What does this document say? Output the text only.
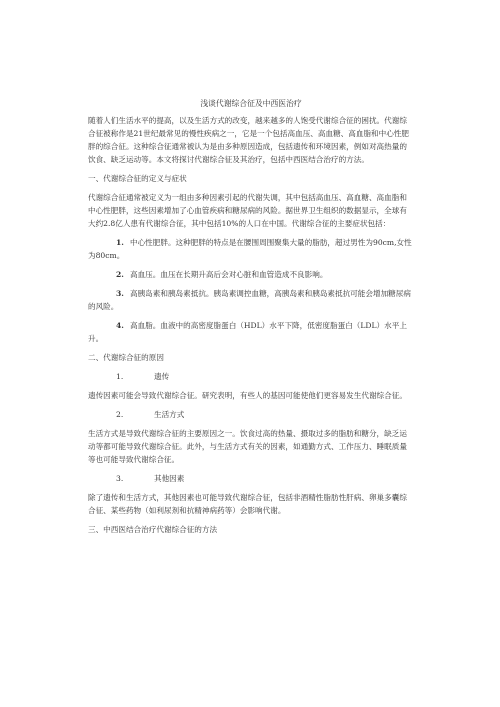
浅谈代谢综合征及中西医治疗

随着人们生活水平的提高，以及生活方式的改变，越来越多的人饱受代谢综合征的困扰。代谢综合征被称作是21世纪最常见的慢性疾病之一，它是一个包括高血压、高血糖、高血脂和中心性肥胖的综合征。这种综合征通常被认为是由多种原因造成，包括遗传和环境因素，例如对高热量的饮食、缺乏运动等。本文将探讨代谢综合征及其治疗，包括中西医结合治疗的方法。

一、代谢综合征的定义与症状

代谢综合征通常被定义为一组由多种因素引起的代谢失调，其中包括高血压、高血糖、高血脂和中心性肥胖，这些因素增加了心血管疾病和糖尿病的风险。据世界卫生组织的数据显示，全球有大约2.8亿人患有代谢综合征，其中包括10%的人口在中国。代谢综合征的主要症状包括：

1. 中心性肥胖。这种肥胖的特点是在腰围周围聚集大量的脂肪，超过男性为90cm,女性为80cm。
2. 高血压。血压在长期升高后会对心脏和血管造成不良影响。
3. 高胰岛素和胰岛素抵抗。胰岛素调控血糖，高胰岛素和胰岛素抵抗可能会增加糖尿病的风险。
4. 高血脂。血液中的高密度脂蛋白（HDL）水平下降，低密度脂蛋白（LDL）水平上升。

二、代谢综合征的原因

1.	遗传

遗传因素可能会导致代谢综合征。研究表明，有些人的基因可能使他们更容易发生代谢综合征。

2.	生活方式

生活方式是导致代谢综合征的主要原因之一。饮食过高的热量、摄取过多的脂肪和糖分，缺乏运动等都可能导致代谢综合征。此外，与生活方式有关的因素，如通勤方式、工作压力、睡眠质量等也可能导致代谢综合征。

3.	其他因素

除了遗传和生活方式，其他因素也可能导致代谢综合征，包括非酒精性脂肪性肝病、卵巢多囊综合征、某些药物（如利尿剂和抗精神病药等）会影响代谢。

三、中西医结合治疗代谢综合征的方法
